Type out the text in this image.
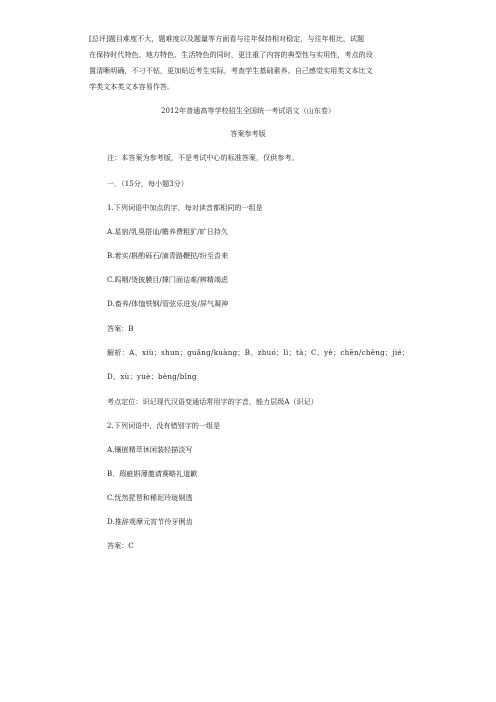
[总评]题目难度不大，题难度以及题量等方面看与往年保持相对稳定，与往年相比，试题

在保持时代特色、地方特色、生活特色的同时，更注重了内容的典型性与实用性，考点的设

置清晰明确，不刁不钻，更加贴近考生实际，考查学生基础素养。自己感觉实用类文本比文

学类文本类文本容易作答。

2012年普通高等学校招生全国统一考试语文（山东卷）

答案参考版

注：本答案为参考版，不是考试中心的标准答案，仅供参考。

一．（15分，每小题3分）

1.下列词语中加点的字，每对读音都相同的一组是

A.星宿/乳臭搭讪/赡养费粗犷/旷日持久

B.着实/斟酌砾石/滴青路鞭挞/纷至沓来

C.呜咽/烫披膜目/撑门面诘难/辨精竭虑

D.畜养/体恤铁钢/管弦乐迸发/屏气凝神

答案：B

解析：A、xiù；shun；guǎng/kuàng；B、zhuó；lì；tà；C、yè；chēn/chěng；jié；

D、xù；yuè；bèng/bǐng

考点定位：识记现代汉语变通话常用字的字音，能力层级A（识记）

2.下列词语中，没有错别字的一组是

A.镶嵌精萃休闲装轻描淡写

B．瑕疵斟薄邀请赛略礼道歉

C.怃然琵琶和稀泥玲珑剔透

D.推辞观摩元宵节伶牙俐齿

答案：C
